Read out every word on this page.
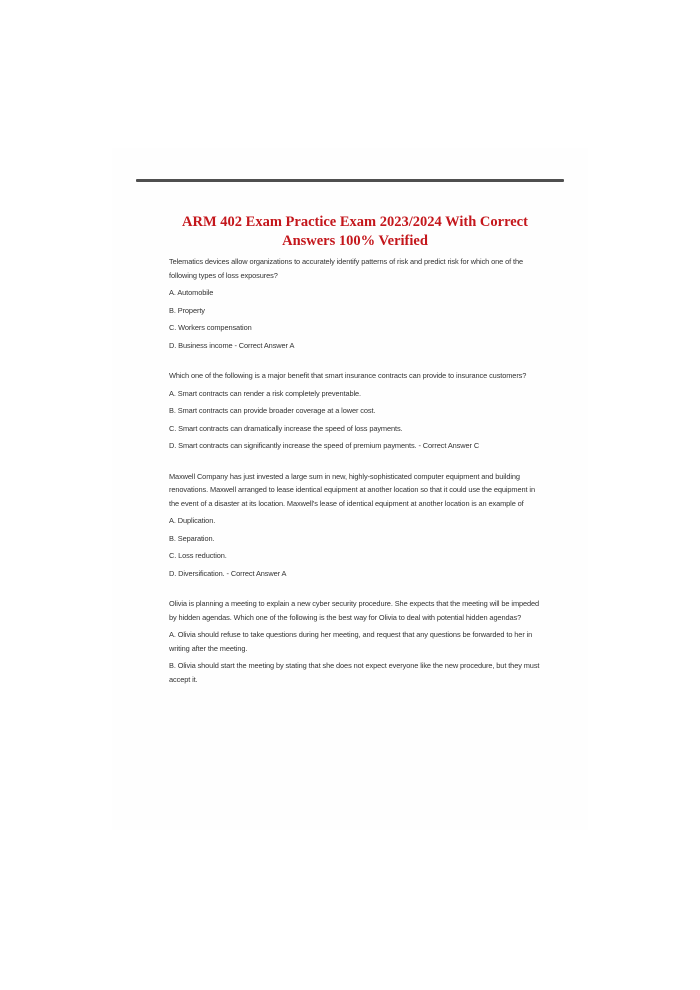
ARM 402 Exam Practice Exam 2023/2024 With Correct Answers 100% Verified

Telematics devices allow organizations to accurately identify patterns of risk and predict risk for which one of the following types of loss exposures?

A. Automobile

B. Property

C. Workers compensation

D. Business income - Correct Answer A

Which one of the following is a major benefit that smart insurance contracts can provide to insurance customers?

A. Smart contracts can render a risk completely preventable.

B. Smart contracts can provide broader coverage at a lower cost.

C. Smart contracts can dramatically increase the speed of loss payments.

D. Smart contracts can significantly increase the speed of premium payments. - Correct Answer C

Maxwell Company has just invested a large sum in new, highly-sophisticated computer equipment and building renovations. Maxwell arranged to lease identical equipment at another location so that it could use the equipment in the event of a disaster at its location. Maxwell's lease of identical equipment at another location is an example of

A. Duplication.

B. Separation.

C. Loss reduction.

D. Diversification. - Correct Answer A

Olivia is planning a meeting to explain a new cyber security procedure. She expects that the meeting will be impeded by hidden agendas. Which one of the following is the best way for Olivia to deal with potential hidden agendas?

A. Olivia should refuse to take questions during her meeting, and request that any questions be forwarded to her in writing after the meeting.

B. Olivia should start the meeting by stating that she does not expect everyone like the new procedure, but they must accept it.
